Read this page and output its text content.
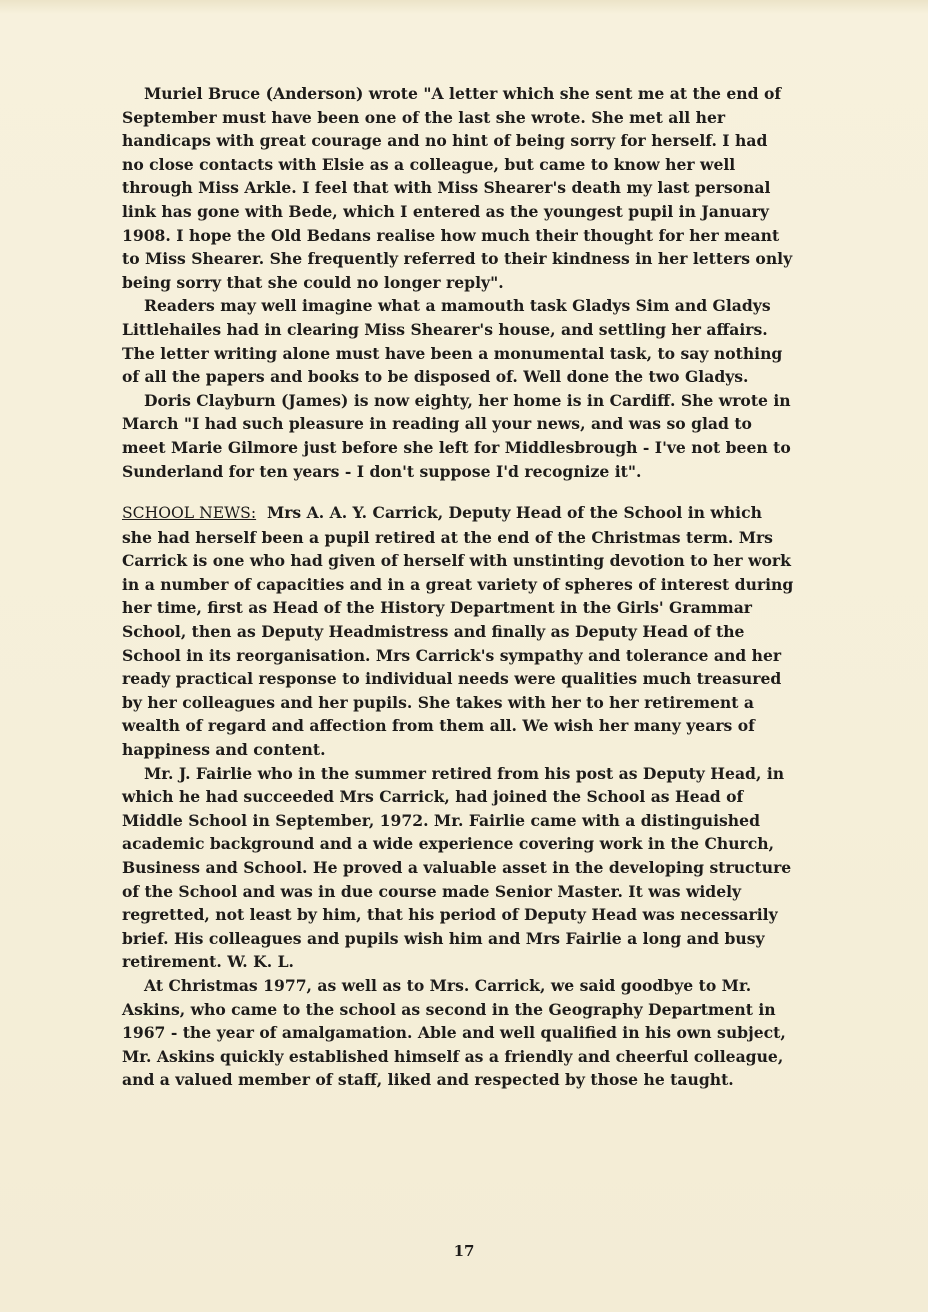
Muriel Bruce (Anderson) wrote "A letter which she sent me at the end of September must have been one of the last she wrote. She met all her handicaps with great courage and no hint of being sorry for herself. I had no close contacts with Elsie as a colleague, but came to know her well through Miss Arkle. I feel that with Miss Shearer's death my last personal link has gone with Bede, which I entered as the youngest pupil in January 1908. I hope the Old Bedans realise how much their thought for her meant to Miss Shearer. She frequently referred to their kindness in her letters only being sorry that she could no longer reply".

Readers may well imagine what a mamouth task Gladys Sim and Gladys Littlehailes had in clearing Miss Shearer's house, and settling her affairs. The letter writing alone must have been a monumental task, to say nothing of all the papers and books to be disposed of. Well done the two Gladys.

Doris Clayburn (James) is now eighty, her home is in Cardiff. She wrote in March "I had such pleasure in reading all your news, and was so glad to meet Marie Gilmore just before she left for Middlesbrough - I've not been to Sunderland for ten years - I don't suppose I'd recognize it".

SCHOOL NEWS: Mrs A. A. Y. Carrick, Deputy Head of the School in which she had herself been a pupil retired at the end of the Christmas term. Mrs Carrick is one who had given of herself with unstinting devotion to her work in a number of capacities and in a great variety of spheres of interest during her time, first as Head of the History Department in the Girls' Grammar School, then as Deputy Headmistress and finally as Deputy Head of the School in its reorganisation. Mrs Carrick's sympathy and tolerance and her ready practical response to individual needs were qualities much treasured by her colleagues and her pupils. She takes with her to her retirement a wealth of regard and affection from them all. We wish her many years of happiness and content.

Mr. J. Fairlie who in the summer retired from his post as Deputy Head, in which he had succeeded Mrs Carrick, had joined the School as Head of Middle School in September, 1972. Mr. Fairlie came with a distinguished academic background and a wide experience covering work in the Church, Business and School. He proved a valuable asset in the developing structure of the School and was in due course made Senior Master. It was widely regretted, not least by him, that his period of Deputy Head was necessarily brief. His colleagues and pupils wish him and Mrs Fairlie a long and busy retirement. W. K. L.

At Christmas 1977, as well as to Mrs. Carrick, we said goodbye to Mr. Askins, who came to the school as second in the Geography Department in 1967 - the year of amalgamation. Able and well qualified in his own subject, Mr. Askins quickly established himself as a friendly and cheerful colleague, and a valued member of staff, liked and respected by those he taught.

17
